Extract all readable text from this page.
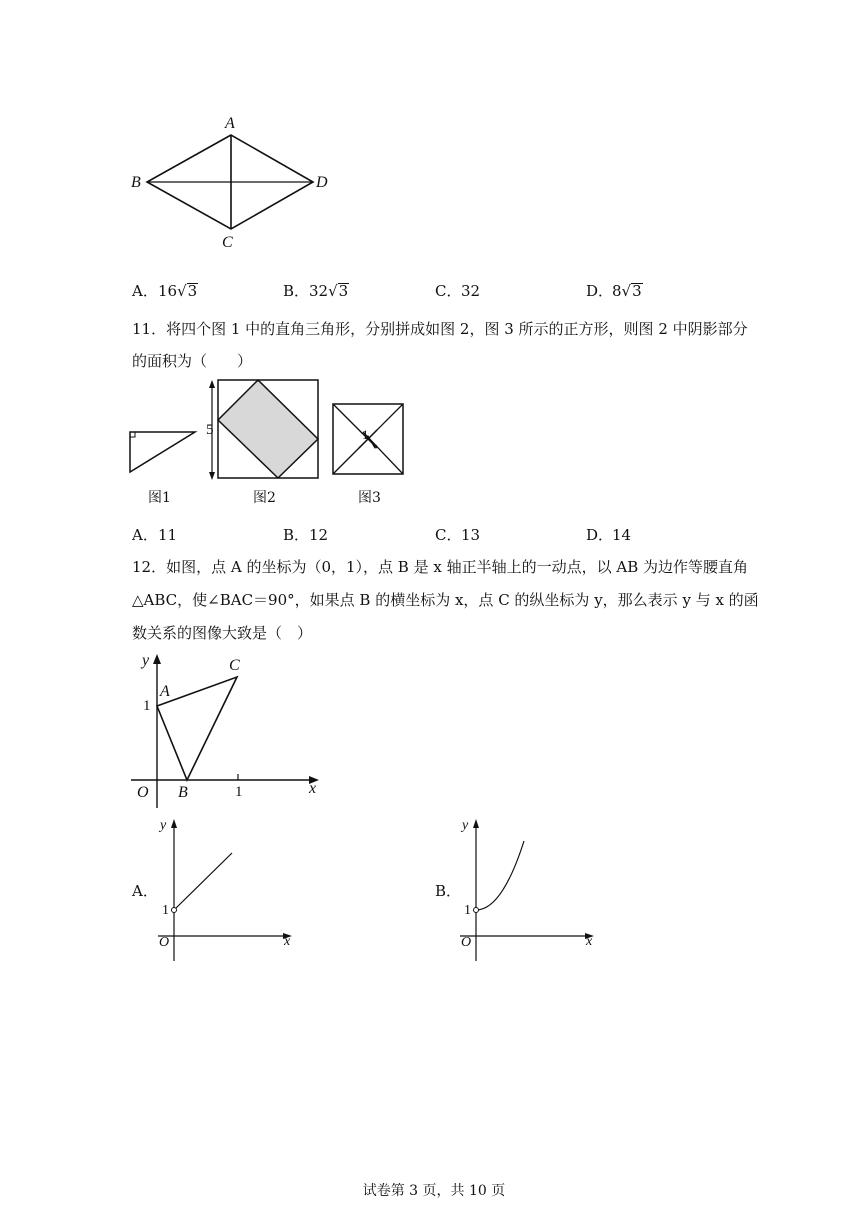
A
B
C
D
A．16√3	B．32√3	C．32	D．8√3
11．将四个图 1 中的直角三角形，分别拼成如图 2，图 3 所示的正方形，则图 2 中阴影部分
的面积为（　　）
5	1
图1	图2	图3
A．11	B．12	C．13	D．14
12．如图，点 A 的坐标为（0，1），点 B 是 x 轴正半轴上的一动点，以 AB 为边作等腰直角
△ABC，使∠BAC＝90°，如果点 B 的横坐标为 x，点 C 的纵坐标为 y，那么表示 y 与 x 的函
数关系的图像大致是（　）
y	C
A
1
O B	1	x
A．
y
1
O	x
B．
y
1
O	x
试卷第 3 页，共 10 页
